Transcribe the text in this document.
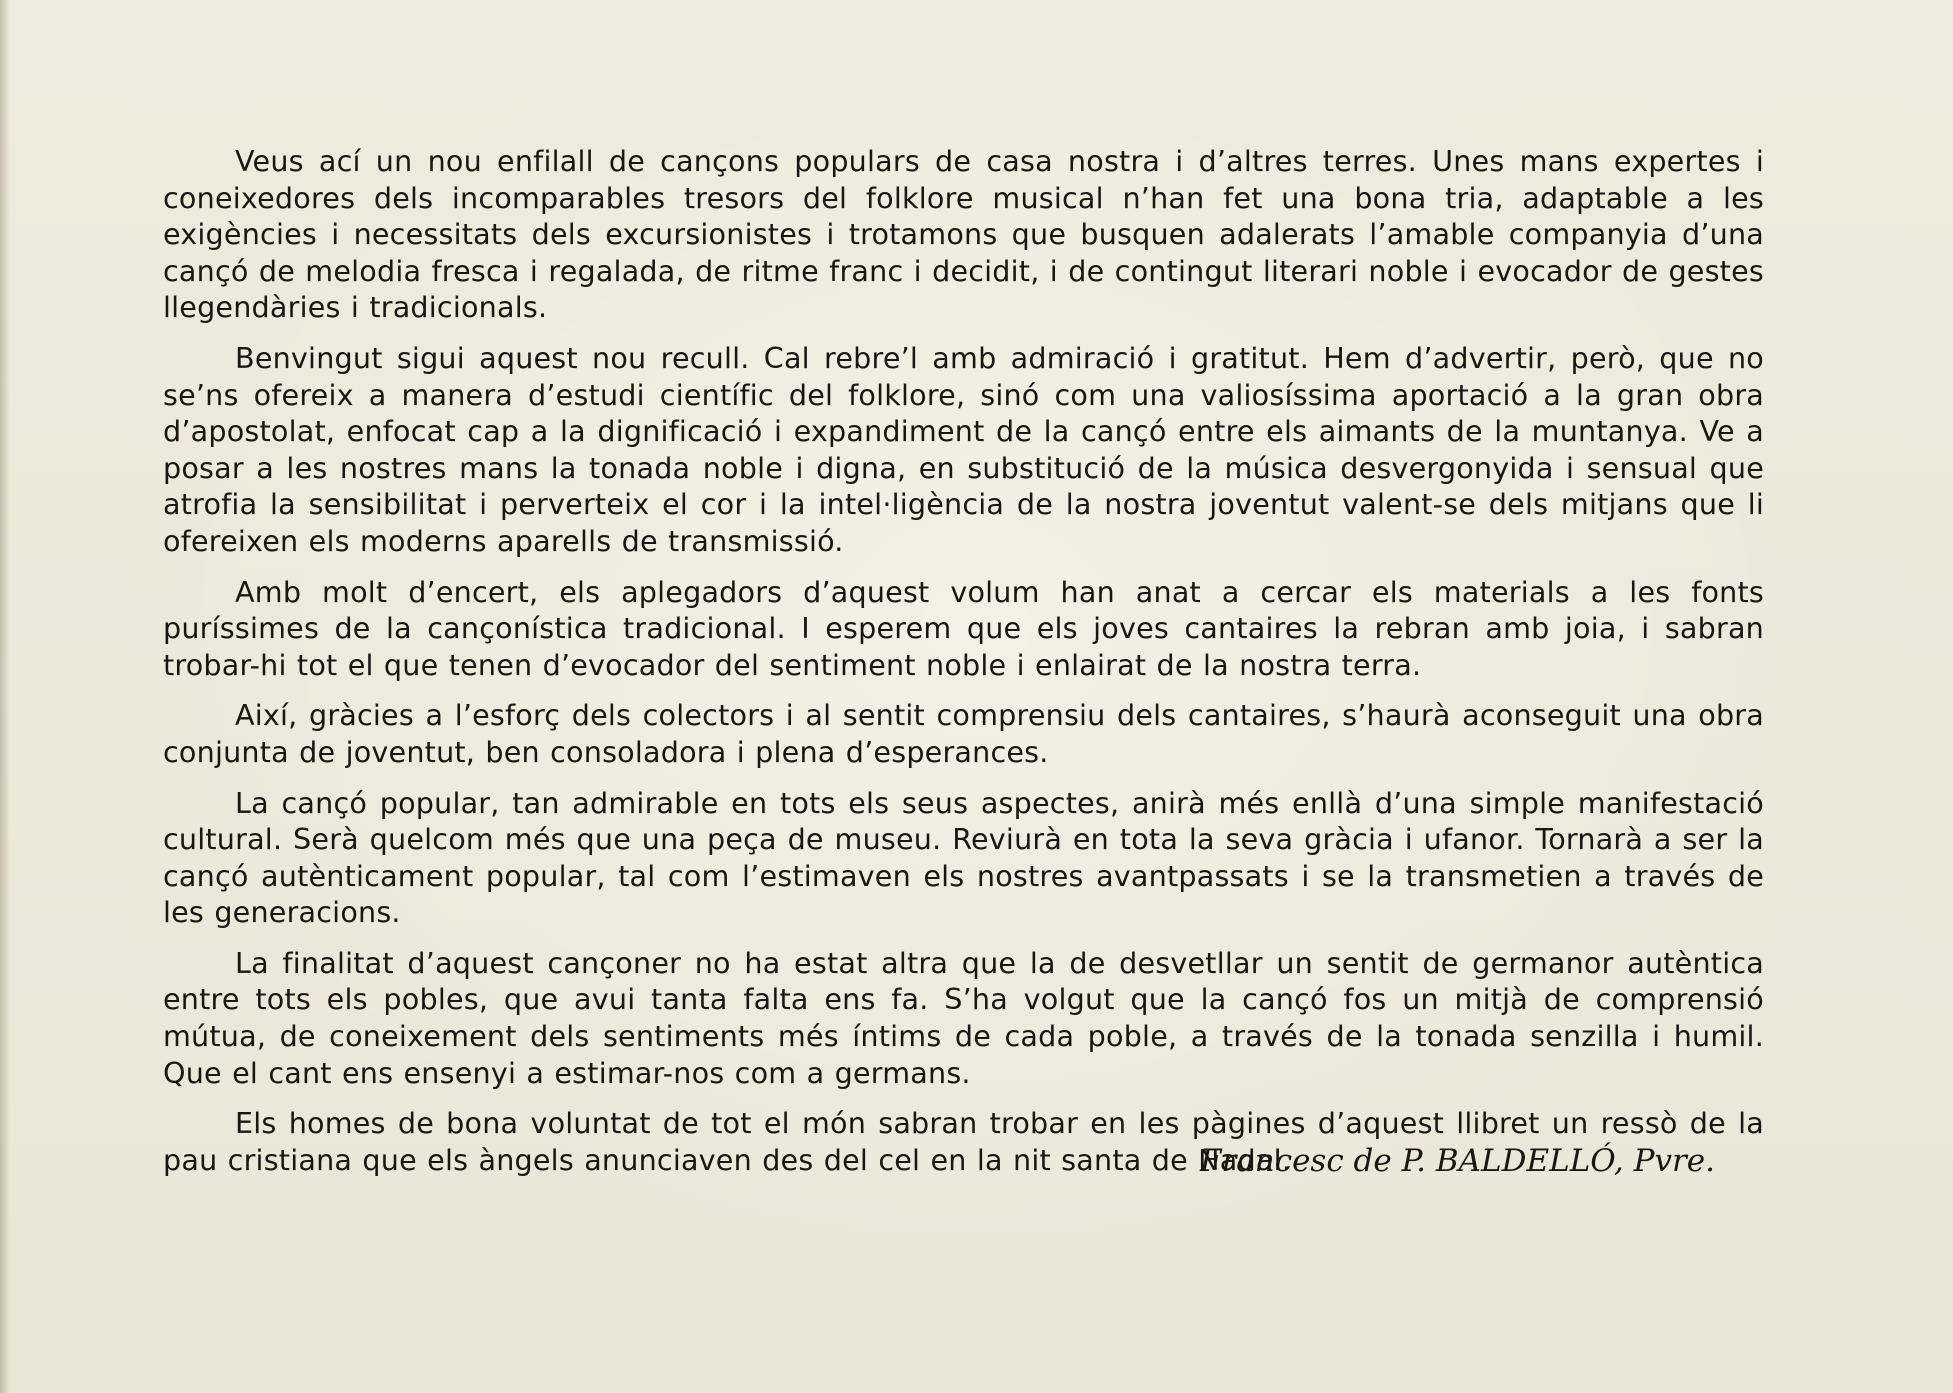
Veus ací un nou enfilall de cançons populars de casa nostra i d’altres terres. Unes mans expertes i coneixedores dels incomparables tresors del folklore musical n’han fet una bona tria, adaptable a les exigències i necessitats dels excursionistes i trotamons que busquen adalerats l’amable companyia d’una cançó de melodia fresca i regalada, de ritme franc i decidit, i de contingut literari noble i evocador de gestes llegendàries i tradicionals.

Benvingut sigui aquest nou recull. Cal rebre’l amb admiració i gratitut. Hem d’advertir, però, que no se’ns ofereix a manera d’estudi científic del folklore, sinó com una valiosíssima aportació a la gran obra d’apostolat, enfocat cap a la dignificació i expandiment de la cançó entre els aimants de la muntanya. Ve a posar a les nostres mans la tonada noble i digna, en substitució de la música desvergonyida i sensual que atrofia la sensibilitat i perverteix el cor i la intel·ligència de la nostra joventut valent-se dels mitjans que li ofereixen els moderns aparells de transmissió.

Amb molt d’encert, els aplegadors d’aquest volum han anat a cercar els materials a les fonts puríssimes de la cançonística tradicional. I esperem que els joves cantaires la rebran amb joia, i sabran trobar-hi tot el que tenen d’evocador del sentiment noble i enlairat de la nostra terra.

Així, gràcies a l’esforç dels colectors i al sentit comprensiu dels cantaires, s’haurà aconseguit una obra conjunta de joventut, ben consoladora i plena d’esperances.

La cançó popular, tan admirable en tots els seus aspectes, anirà més enllà d’una simple manifestació cultural. Serà quelcom més que una peça de museu. Reviurà en tota la seva gràcia i ufanor. Tornarà a ser la cançó autènticament popular, tal com l’estimaven els nostres avantpassats i se la transmetien a través de les generacions.

La finalitat d’aquest cançoner no ha estat altra que la de desvetllar un sentit de germanor autèntica entre tots els pobles, que avui tanta falta ens fa. S’ha volgut que la cançó fos un mitjà de comprensió mútua, de coneixement dels sentiments més íntims de cada poble, a través de la tonada senzilla i humil. Que el cant ens ensenyi a estimar-nos com a germans.

Els homes de bona voluntat de tot el món sabran trobar en les pàgines d’aquest llibret un ressò de la pau cristiana que els àngels anunciaven des del cel en la nit santa de Nadal.

Francesc de P. BALDELLÓ, Pvre.
